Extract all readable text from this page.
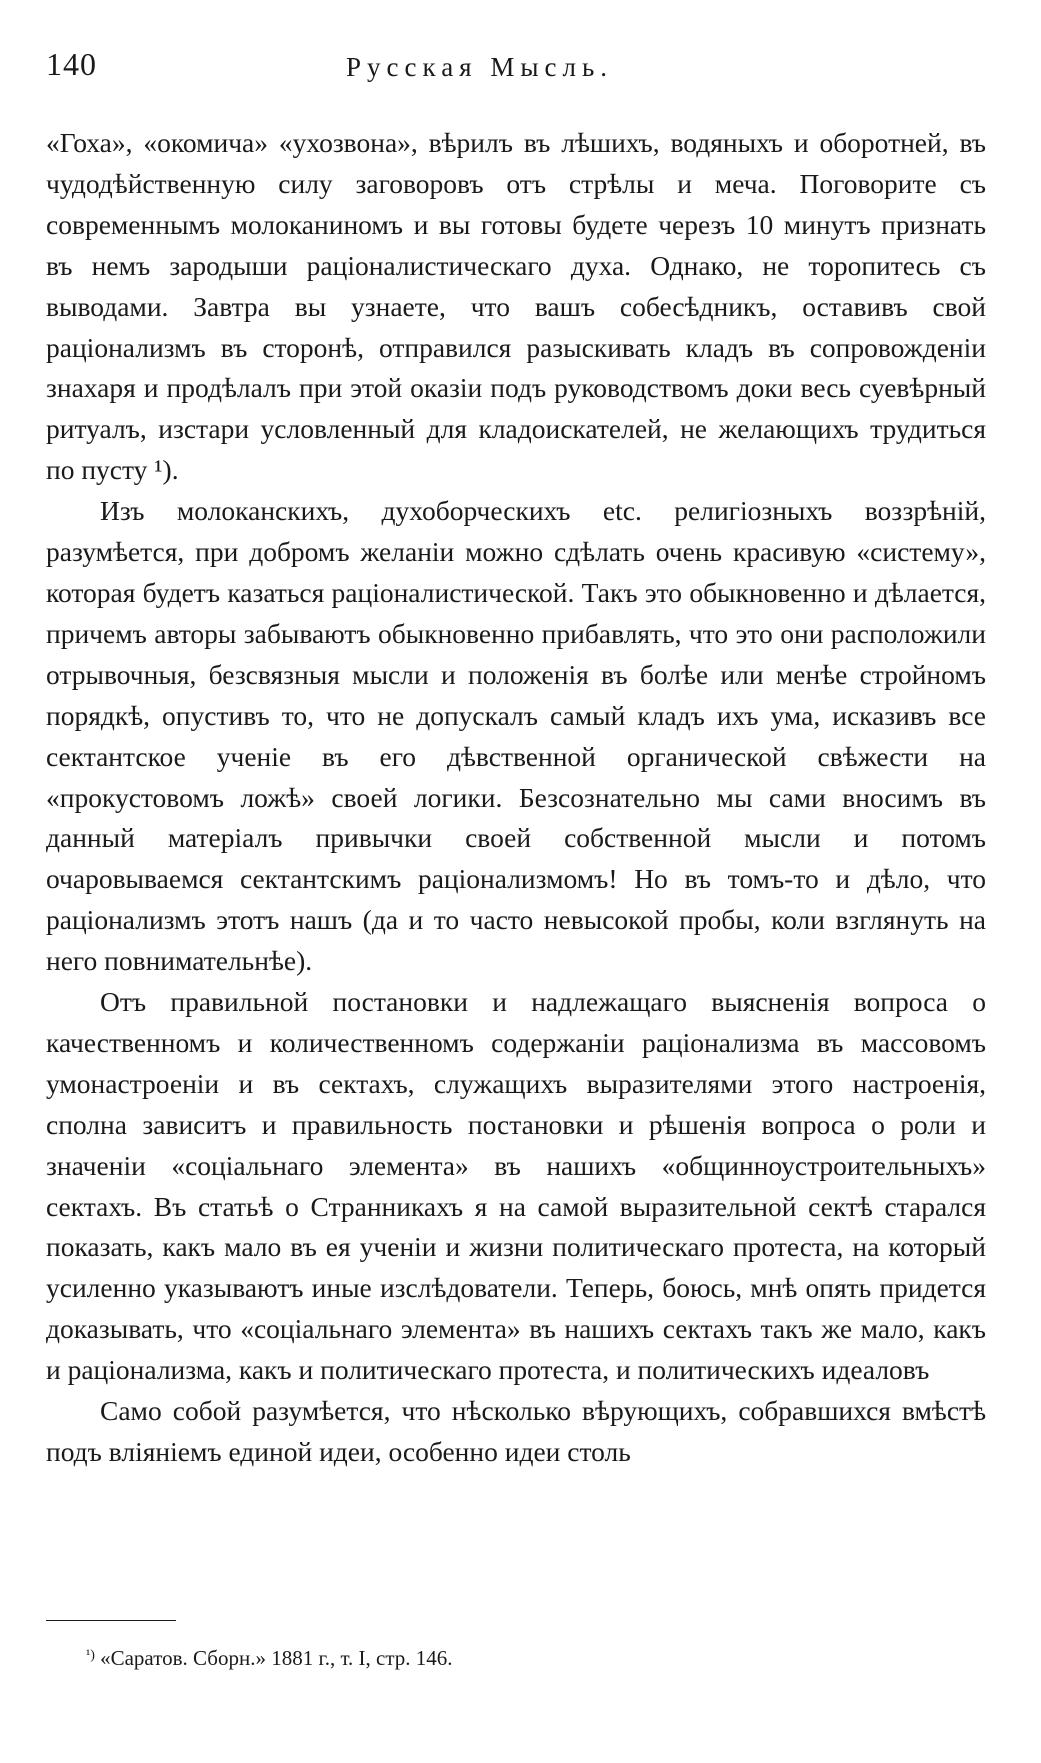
140	Русская Мысль.

«Гоха», «окомича» «ухозвона», вѣрилъ въ лѣшихъ, водяныхъ и оборотней, въ чудодѣйственную силу заговоровъ отъ стрѣлы и меча. Поговорите съ современнымъ молоканиномъ и вы готовы будете черезъ 10 минутъ признать въ немъ зародыши раціоналистическаго духа. Однако, не торопитесь съ выводами. Завтра вы узнаете, что вашъ собесѣдникъ, оставивъ свой раціонализмъ въ сторонѣ, отправился разыскивать кладъ въ сопровожденіи знахаря и продѣлалъ при этой оказіи подъ руководствомъ доки весь суевѣрный ритуалъ, изстари условленный для кладоискателей, не желающихъ трудиться по пусту ¹).

Изъ молоканскихъ, духоборческихъ etc. религіозныхъ воззрѣній, разумѣется, при добромъ желаніи можно сдѣлать очень красивую «систему», которая будетъ казаться раціоналистической. Такъ это обыкновенно и дѣлается, причемъ авторы забываютъ обыкновенно прибавлять, что это они расположили отрывочныя, безсвязныя мысли и положенія въ болѣе или менѣе стройномъ порядкѣ, опустивъ то, что не допускалъ самый кладъ ихъ ума, исказивъ все сектантское ученіе въ его дѣвственной органической свѣжести на «прокустовомъ ложѣ» своей логики. Безсознательно мы сами вносимъ въ данный матеріалъ привычки своей собственной мысли и потомъ очаровываемся сектантскимъ раціонализмомъ! Но въ томъ-то и дѣло, что раціонализмъ этотъ нашъ (да и то часто невысокой пробы, коли взглянуть на него повнимательнѣе).

Отъ правильной постановки и надлежащаго выясненія вопроса о качественномъ и количественномъ содержаніи раціонализма въ массовомъ умонастроеніи и въ сектахъ, служащихъ выразителями этого настроенія, сполна зависитъ и правильность постановки и рѣшенія вопроса о роли и значеніи «соціальнаго элемента» въ нашихъ «общинноустроительныхъ» сектахъ. Въ статьѣ о Странникахъ я на самой выразительной сектѣ старался показать, какъ мало въ ея ученіи и жизни политическаго протеста, на который усиленно указываютъ иные изслѣдователи. Теперь, боюсь, мнѣ опять придется доказывать, что «соціальнаго элемента» въ нашихъ сектахъ такъ же мало, какъ и раціонализма, какъ и политическаго протеста, и политическихъ идеаловъ

Само собой разумѣется, что нѣсколько вѣрующихъ, собравшихся вмѣстѣ подъ вліяніемъ единой идеи, особенно идеи столь

$^{^1)}$ «Саратов. Сборн.» 1881 г., т. I, стр. 146.
